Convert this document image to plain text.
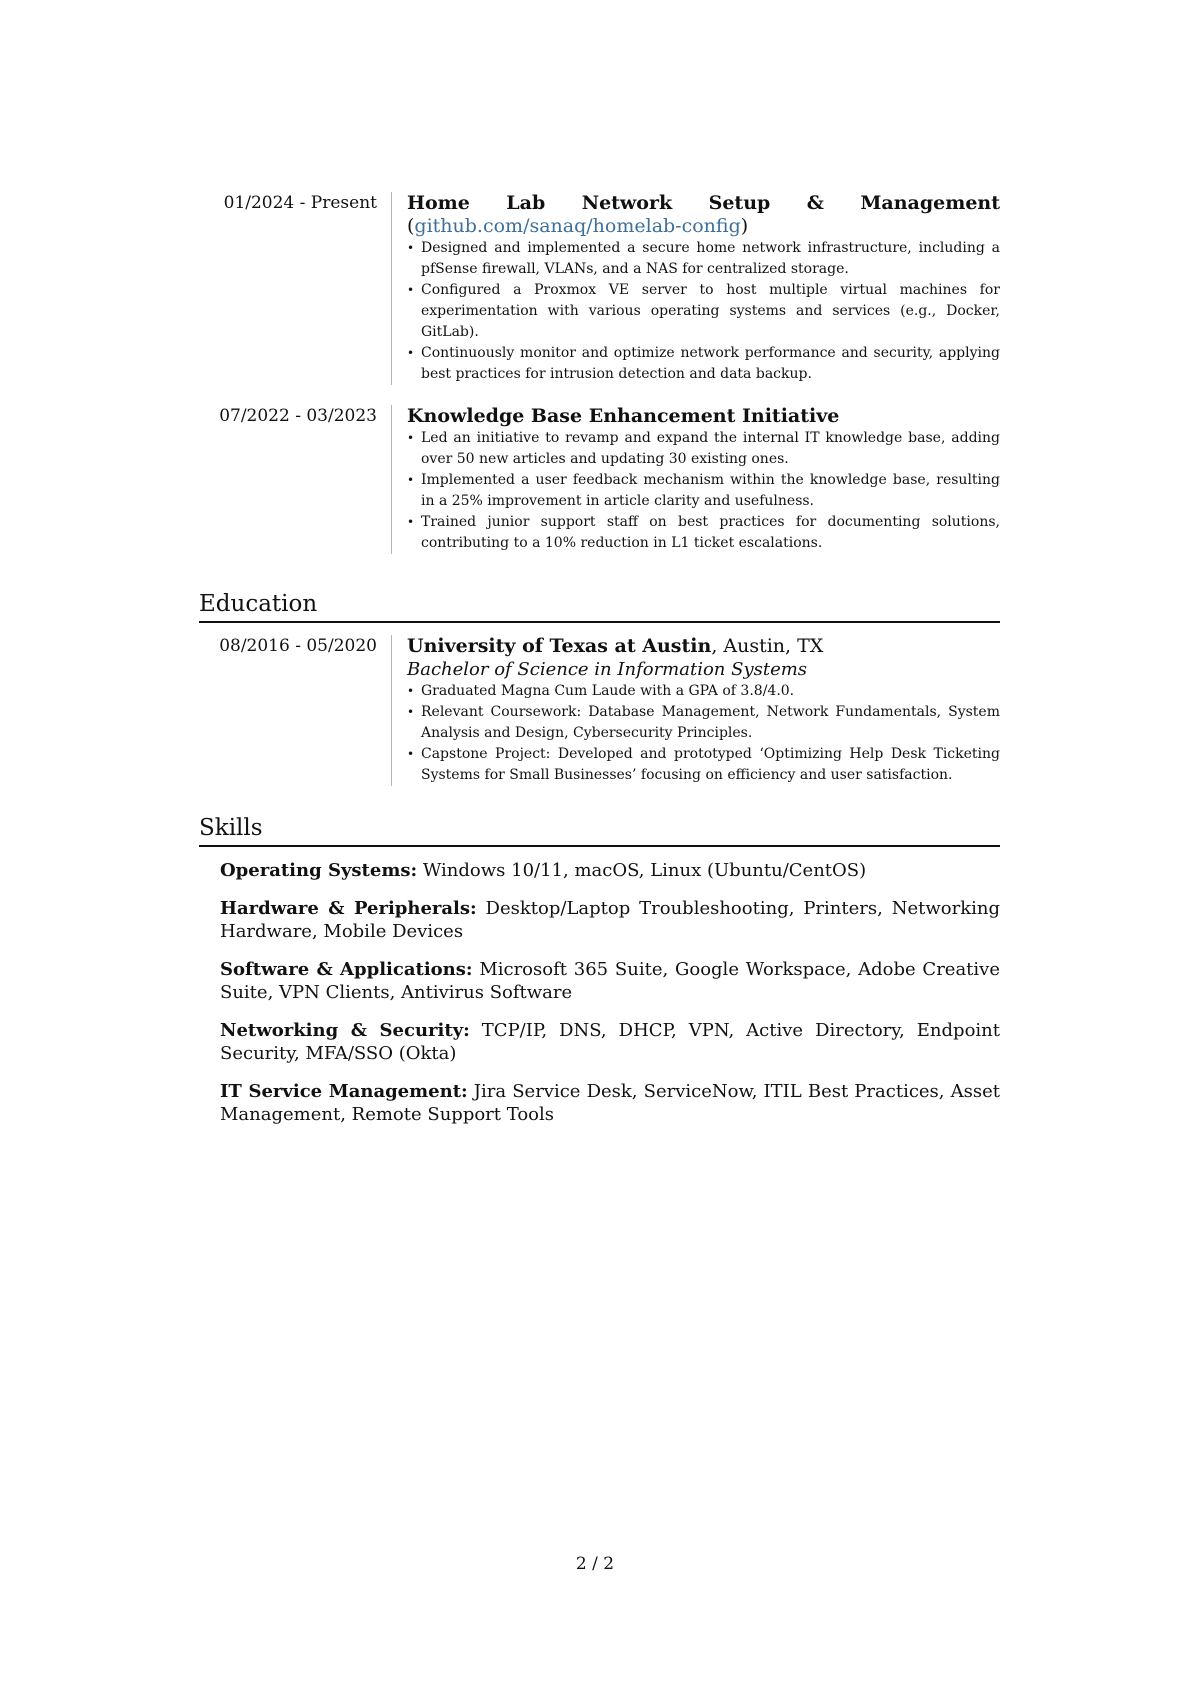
01/2024 - Present	Home Lab Network Setup & Management (github.com/sanaq/homelab-config)
• Designed and implemented a secure home network infrastructure, including a pfSense firewall, VLANs, and a NAS for centralized storage.
• Configured a Proxmox VE server to host multiple virtual machines for experimentation with various operating systems and services (e.g., Docker, GitLab).
• Continuously monitor and optimize network performance and security, applying best practices for intrusion detection and data backup.
07/2022 - 03/2023	Knowledge Base Enhancement Initiative
• Led an initiative to revamp and expand the internal IT knowledge base, adding over 50 new articles and updating 30 existing ones.
• Implemented a user feedback mechanism within the knowledge base, resulting in a 25% improvement in article clarity and usefulness.
• Trained junior support staff on best practices for documenting solutions, contributing to a 10% reduction in L1 ticket escalations.
Education
08/2016 - 05/2020	University of Texas at Austin, Austin, TX
Bachelor of Science in Information Systems
• Graduated Magna Cum Laude with a GPA of 3.8/4.0.
• Relevant Coursework: Database Management, Network Fundamentals, System Analysis and Design, Cybersecurity Principles.
• Capstone Project: Developed and prototyped ‘Optimizing Help Desk Ticketing Systems for Small Businesses’ focusing on efficiency and user satisfaction.
Skills
Operating Systems: Windows 10/11, macOS, Linux (Ubuntu/CentOS)
Hardware & Peripherals: Desktop/Laptop Troubleshooting, Printers, Networking Hardware, Mobile Devices
Software & Applications: Microsoft 365 Suite, Google Workspace, Adobe Creative Suite, VPN Clients, Antivirus Software
Networking & Security: TCP/IP, DNS, DHCP, VPN, Active Directory, Endpoint Security, MFA/SSO (Okta)
IT Service Management: Jira Service Desk, ServiceNow, ITIL Best Practices, Asset Management, Remote Support Tools
2 / 2
